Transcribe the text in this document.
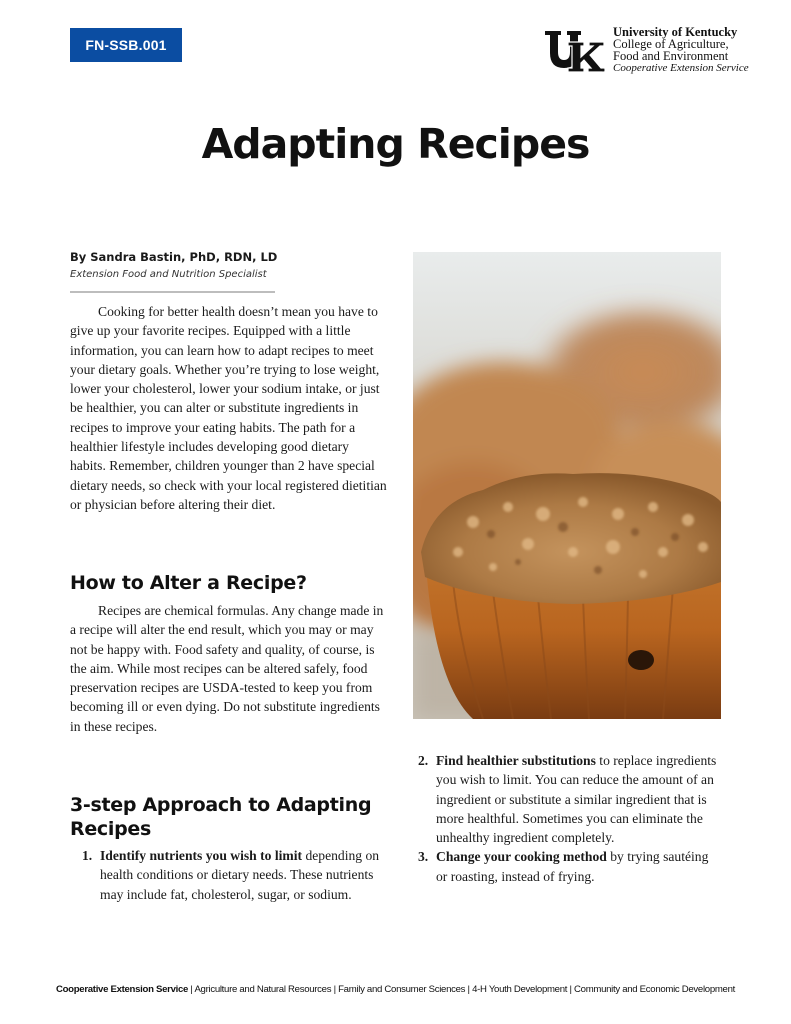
FN-SSB.001
University of Kentucky
College of Agriculture,
Food and Environment
Cooperative Extension Service
Adapting Recipes
By Sandra Bastin, PhD, RDN, LD
Extension Food and Nutrition Specialist

Cooking for better health doesn’t mean you have to give up your favorite recipes. Equipped with a little information, you can learn how to adapt recipes to meet your dietary goals. Whether you’re trying to lose weight, lower your cholesterol, lower your sodium intake, or just be healthier, you can alter or substitute ingredients in recipes to improve your eating habits. The path for a healthier lifestyle includes developing good dietary habits. Remember, children younger than 2 have special dietary needs, so check with your local registered dietitian or physician before altering their diet.

How to Alter a Recipe?

Recipes are chemical formulas. Any change made in a recipe will alter the end result, which you may or may not be happy with. Food safety and quality, of course, is the aim. While most recipes can be altered safely, food preservation recipes are USDA-tested to keep you from becoming ill or even dying. Do not substitute ingredients in these recipes.

3-step Approach to Adapting Recipes
1. Identify nutrients you wish to limit depending on health conditions or dietary needs. These nutrients may include fat, cholesterol, sugar, or sodium.
2. Find healthier substitutions to replace ingredients you wish to limit. You can reduce the amount of an ingredient or substitute a similar ingredient that is more healthful. Sometimes you can eliminate the unhealthy ingredient completely.
3. Change your cooking method by trying sautéing or roasting, instead of frying.
Cooperative Extension Service | Agriculture and Natural Resources | Family and Consumer Sciences | 4-H Youth Development | Community and Economic Development
